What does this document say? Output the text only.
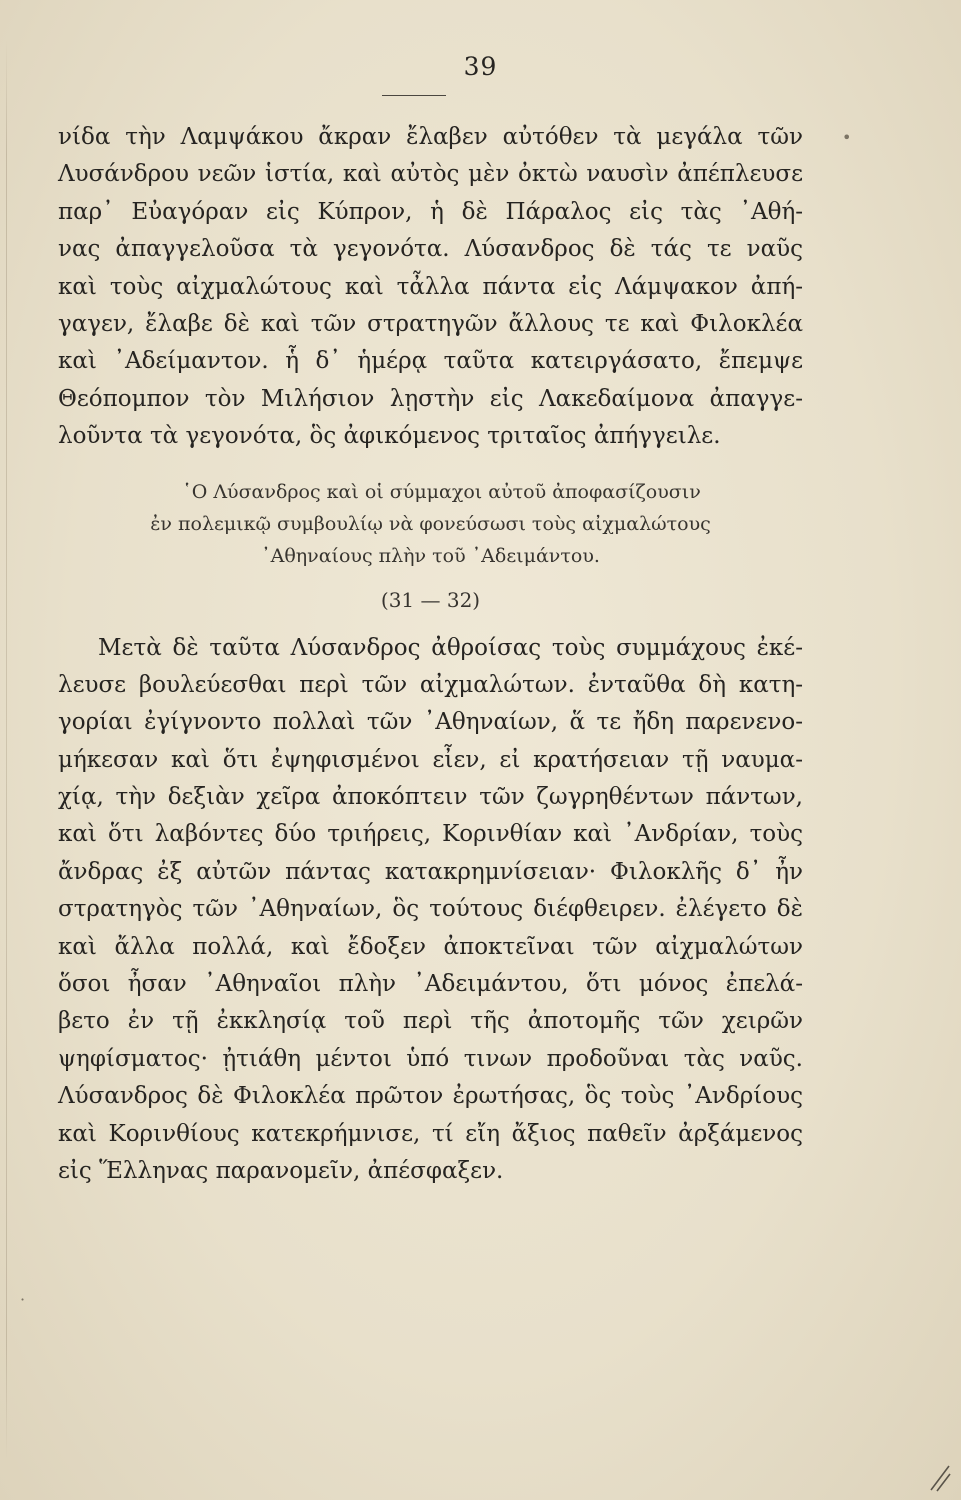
39
νίδα τὴν Λαμψάκου ἄκραν ἔλαβεν αὐτόθεν τὰ μεγάλα τῶν
Λυσάνδρου νεῶν ἱστία, καὶ αὐτὸς μὲν ὀκτὼ ναυσὶν ἀπέπλευσε
παρ᾽ Εὐαγόραν εἰς Κύπρον, ἡ δὲ Πάραλος εἰς τὰς ᾽Αθή-
νας ἀπαγγελοῦσα τὰ γεγονότα. Λύσανδρος δὲ τάς τε ναῦς
καὶ τοὺς αἰχμαλώτους καὶ τἆλλα πάντα εἰς Λάμψακον ἀπή-
γαγεν, ἔλαβε δὲ καὶ τῶν στρατηγῶν ἄλλους τε καὶ Φιλοκλέα
καὶ ᾽Αδείμαντον. ἧ δ᾽ ἡμέρᾳ ταῦτα κατειργάσατο, ἔπεμψε
Θεόπομπον τὸν Μιλήσιον λῃστὴν εἰς Λακεδαίμονα ἀπαγγε-
λοῦντα τὰ γεγονότα, ὃς ἀφικόμενος τριταῖος ἀπήγγειλε.
῾Ο Λύσανδρος καὶ οἱ σύμμαχοι αὐτοῦ ἀποφασίζουσιν
ἐν πολεμικῷ συμβουλίῳ νὰ φονεύσωσι τοὺς αἰχμαλώτους
᾽Αθηναίους πλὴν τοῦ ᾽Αδειμάντου.
(31 — 32)
Μετὰ δὲ ταῦτα Λύσανδρος ἀθροίσας τοὺς συμμάχους ἐκέ-
λευσε βουλεύεσθαι περὶ τῶν αἰχμαλώτων. ἐνταῦθα δὴ κατη-
γορίαι ἐγίγνοντο πολλαὶ τῶν ᾽Αθηναίων, ἅ τε ἤδη παρενενο-
μήκεσαν καὶ ὅτι ἐψηφισμένοι εἶεν, εἰ κρατήσειαν τῇ ναυμα-
χίᾳ, τὴν δεξιὰν χεῖρα ἀποκόπτειν τῶν ζωγρηθέντων πάντων,
καὶ ὅτι λαβόντες δύο τριήρεις, Κορινθίαν καὶ ᾽Ανδρίαν, τοὺς
ἄνδρας ἐξ αὐτῶν πάντας κατακρημνίσειαν· Φιλοκλῆς δ᾽ ἦν
στρατηγὸς τῶν ᾽Αθηναίων, ὃς τούτους διέφθειρεν. ἐλέγετο δὲ
καὶ ἄλλα πολλά, καὶ ἔδοξεν ἀποκτεῖναι τῶν αἰχμαλώτων
ὅσοι ἦσαν ᾽Αθηναῖοι πλὴν ᾽Αδειμάντου, ὅτι μόνος ἐπελά-
βετο ἐν τῇ ἐκκλησίᾳ τοῦ περὶ τῆς ἀποτομῆς τῶν χειρῶν
ψηφίσματος· ᾐτιάθη μέντοι ὑπό τινων προδοῦναι τὰς ναῦς.
Λύσανδρος δὲ Φιλοκλέα πρῶτον ἐρωτήσας, ὃς τοὺς ᾽Ανδρίους
καὶ Κορινθίους κατεκρήμνισε, τί εἴη ἄξιος παθεῖν ἀρξάμενος
εἰς Ἕλληνας παρανομεῖν, ἀπέσφαξεν.
•
·
